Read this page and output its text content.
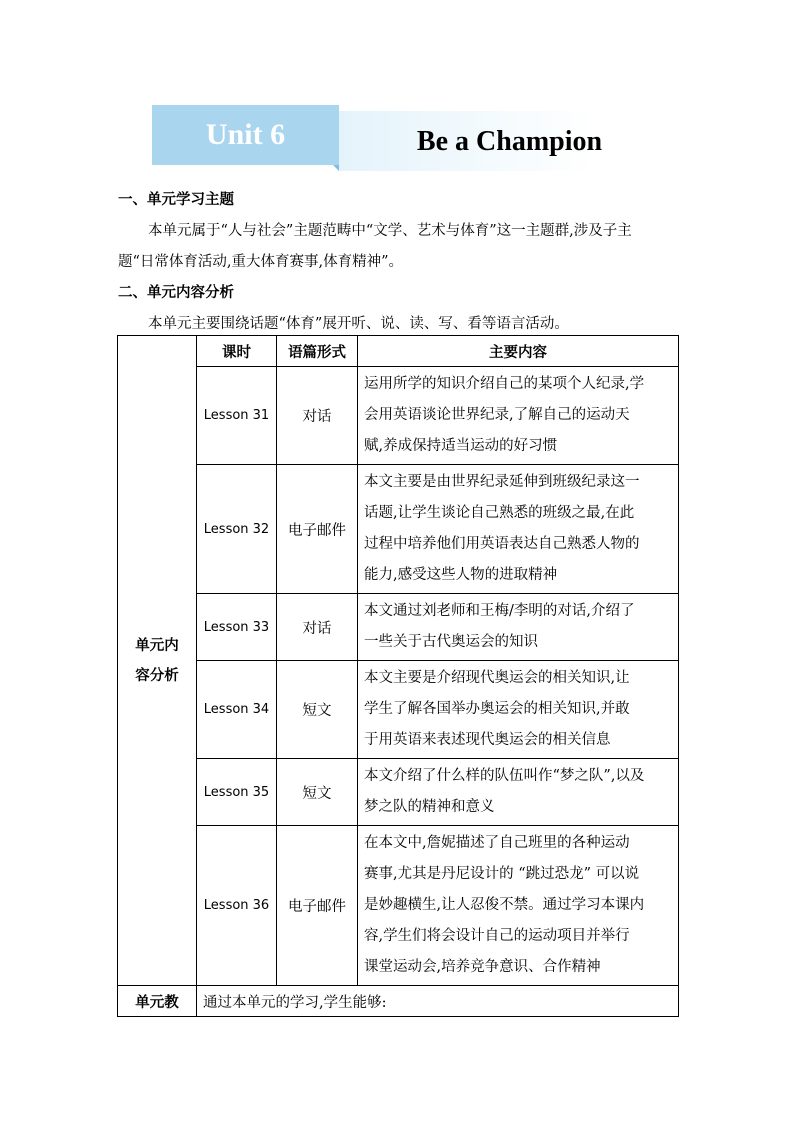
Unit 6	Be a Champion
一、单元学习主题
本单元属于“人与社会”主题范畴中“文学、艺术与体育”这一主题群,涉及子主
题“日常体育活动,重大体育赛事,体育精神”。
二、单元内容分析
本单元主要围绕话题“体育”展开听、说、读、写、看等语言活动。
单元内
容分析	课时	语篇形式	主要内容
	Lesson 31	对话	运用所学的知识介绍自己的某项个人纪录,学
会用英语谈论世界纪录,了解自己的运动天
赋,养成保持适当运动的好习惯

	Lesson 32	电子邮件	本文主要是由世界纪录延伸到班级纪录这一
话题,让学生谈论自己熟悉的班级之最,在此
过程中培养他们用英语表达自己熟悉人物的
能力,感受这些人物的进取精神

	Lesson 33	对话	本文通过刘老师和王梅/李明的对话,介绍了
一些关于古代奥运会的知识

	Lesson 34	短文	本文主要是介绍现代奥运会的相关知识,让
学生了解各国举办奥运会的相关知识,并敢
于用英语来表述现代奥运会的相关信息

	Lesson 35	短文	本文介绍了什么样的队伍叫作“梦之队”,以及
梦之队的精神和意义

	Lesson 36	电子邮件	在本文中,詹妮描述了自己班里的各种运动
赛事,尤其是丹尼设计的 “跳过恐龙” 可以说
是妙趣横生,让人忍俊不禁。通过学习本课内
容,学生们将会设计自己的运动项目并举行
课堂运动会,培养竞争意识、合作精神

单元教	通过本单元的学习,学生能够:		
